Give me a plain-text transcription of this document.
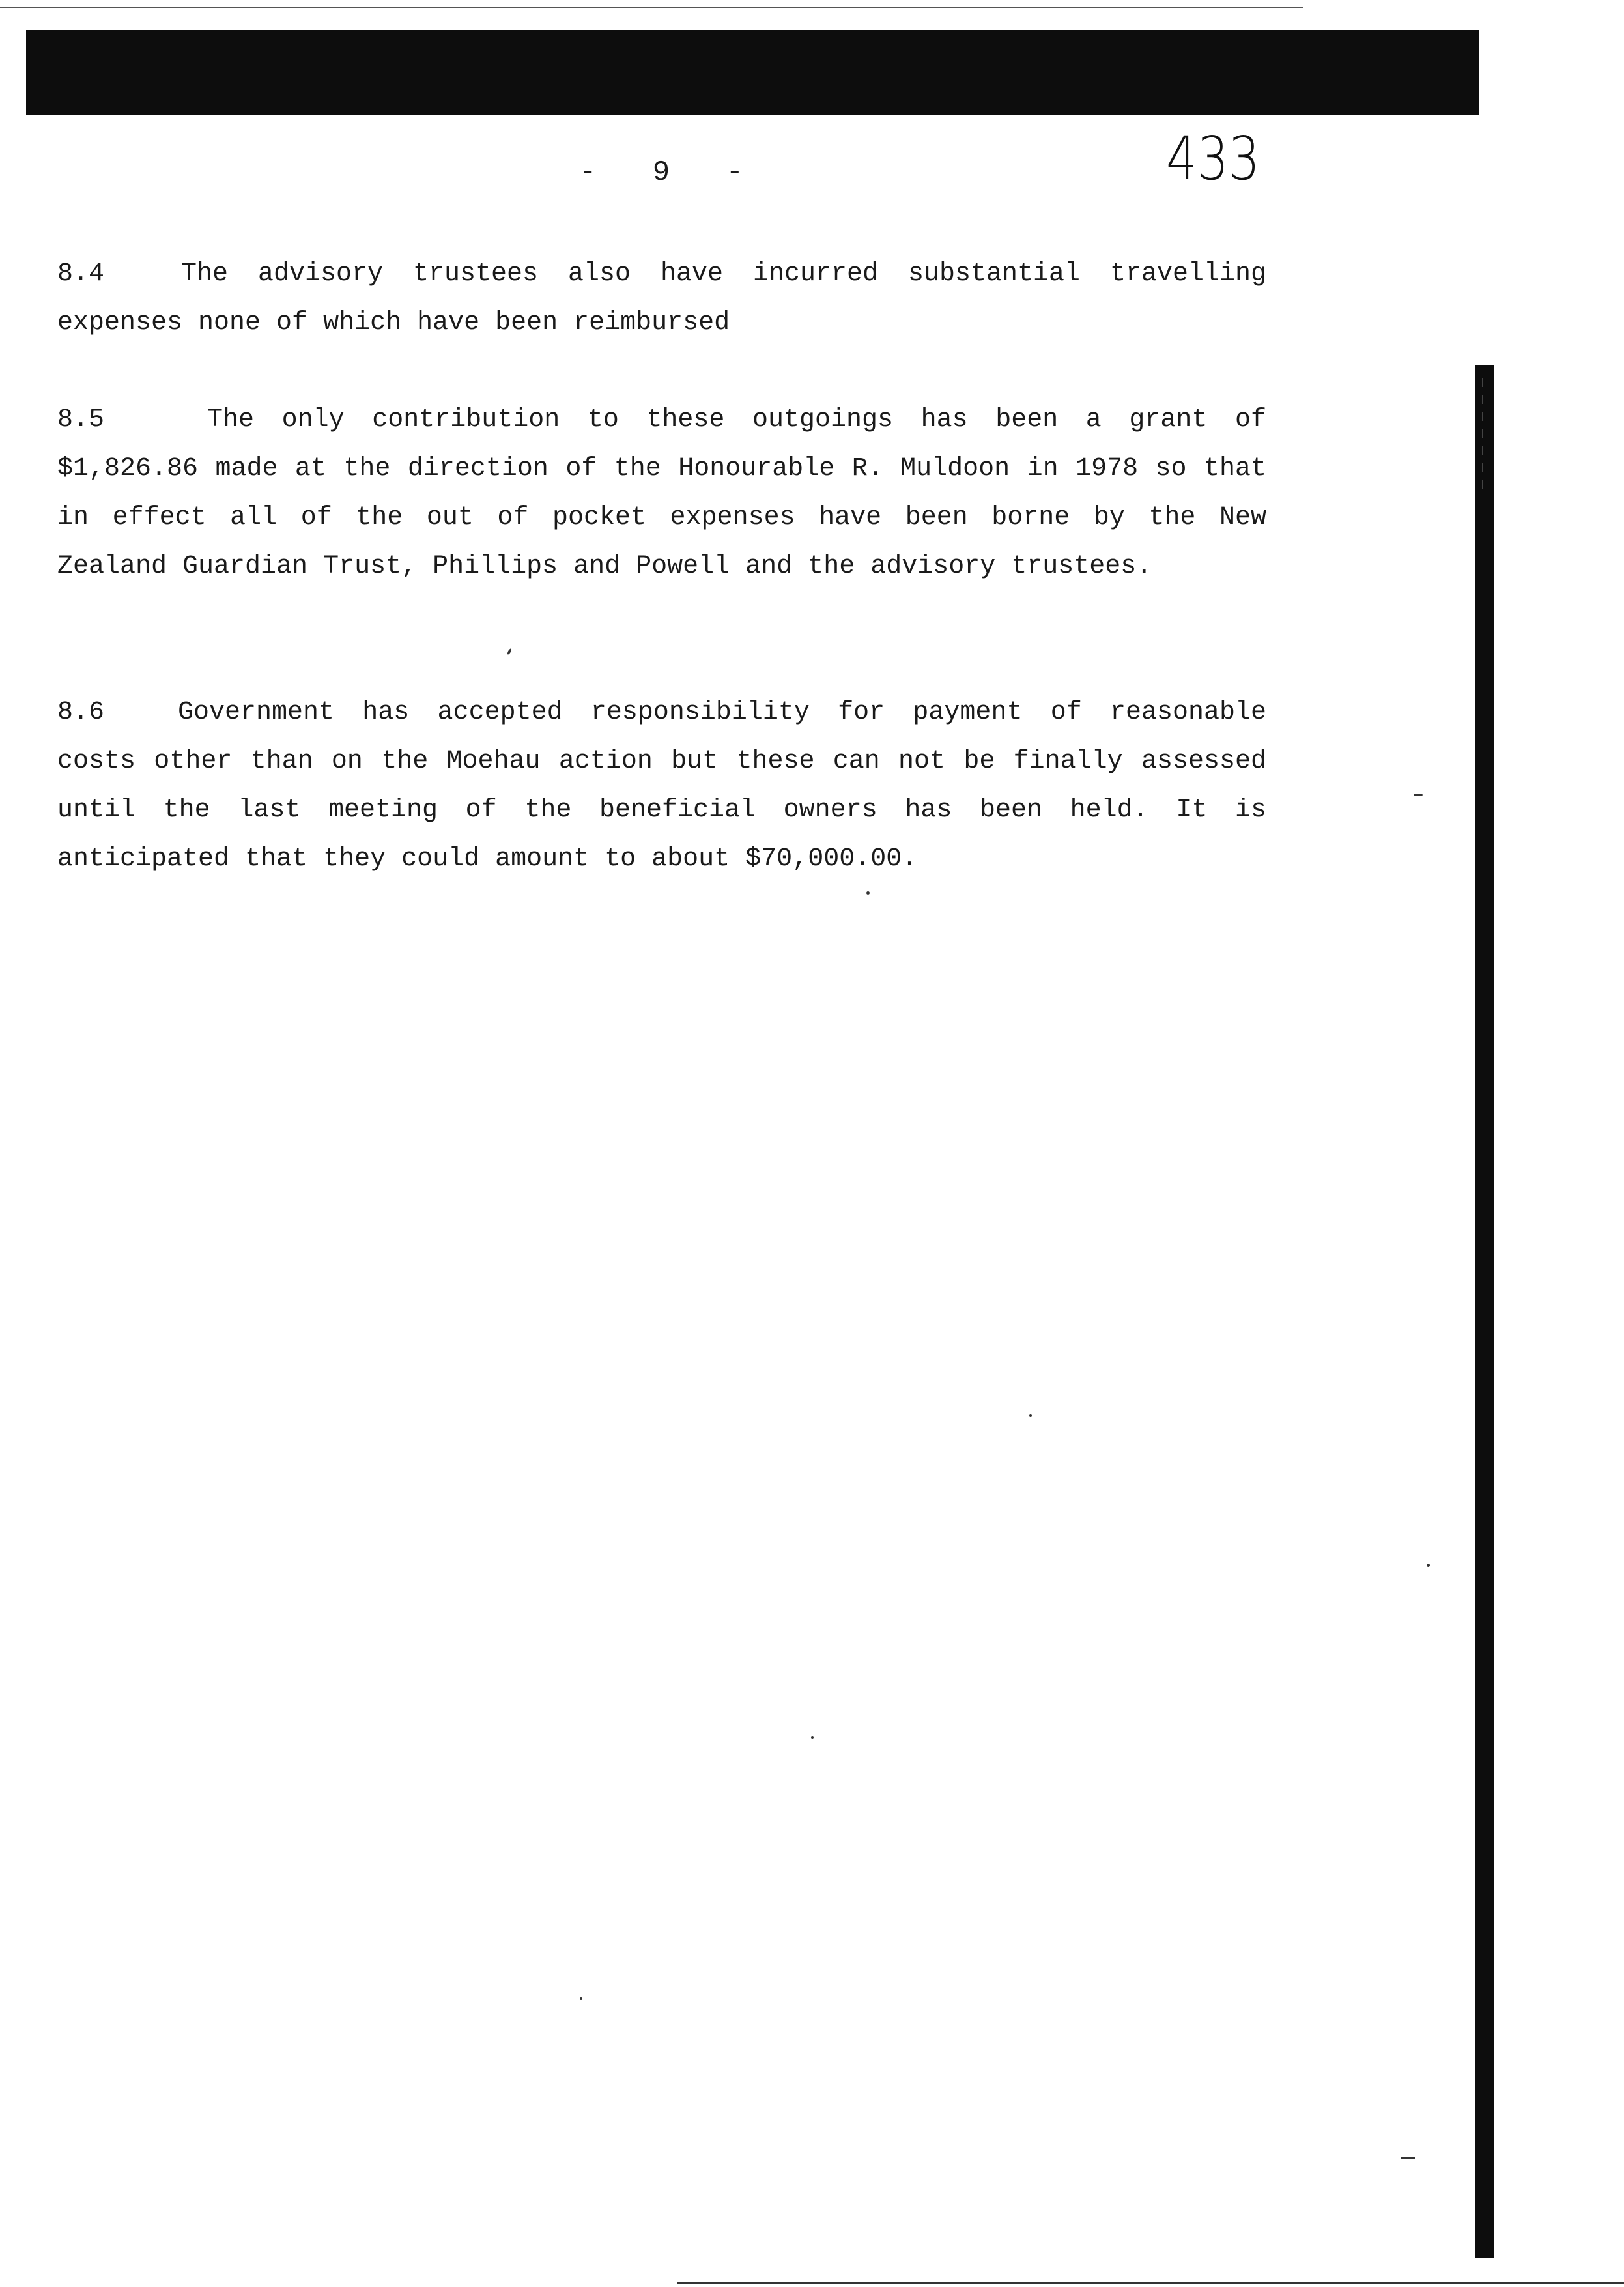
- 9 -	433
8.4	The advisory trustees also have incurred substantial travelling expenses none of which have been reimbursed
8.5	The only contribution to these outgoings has been a grant of $1,826.86 made at the direction of the Honourable R. Muldoon in 1978 so that in effect all of the out of pocket expenses have been borne by the New Zealand Guardian Trust, Phillips and Powell and the advisory trustees.
8.6	Government has accepted responsibility for payment of reasonable costs other than on the Moehau action but these can not be finally assessed until the last meeting of the beneficial owners has been held. It is anticipated that they could amount to about $70,000.00.
